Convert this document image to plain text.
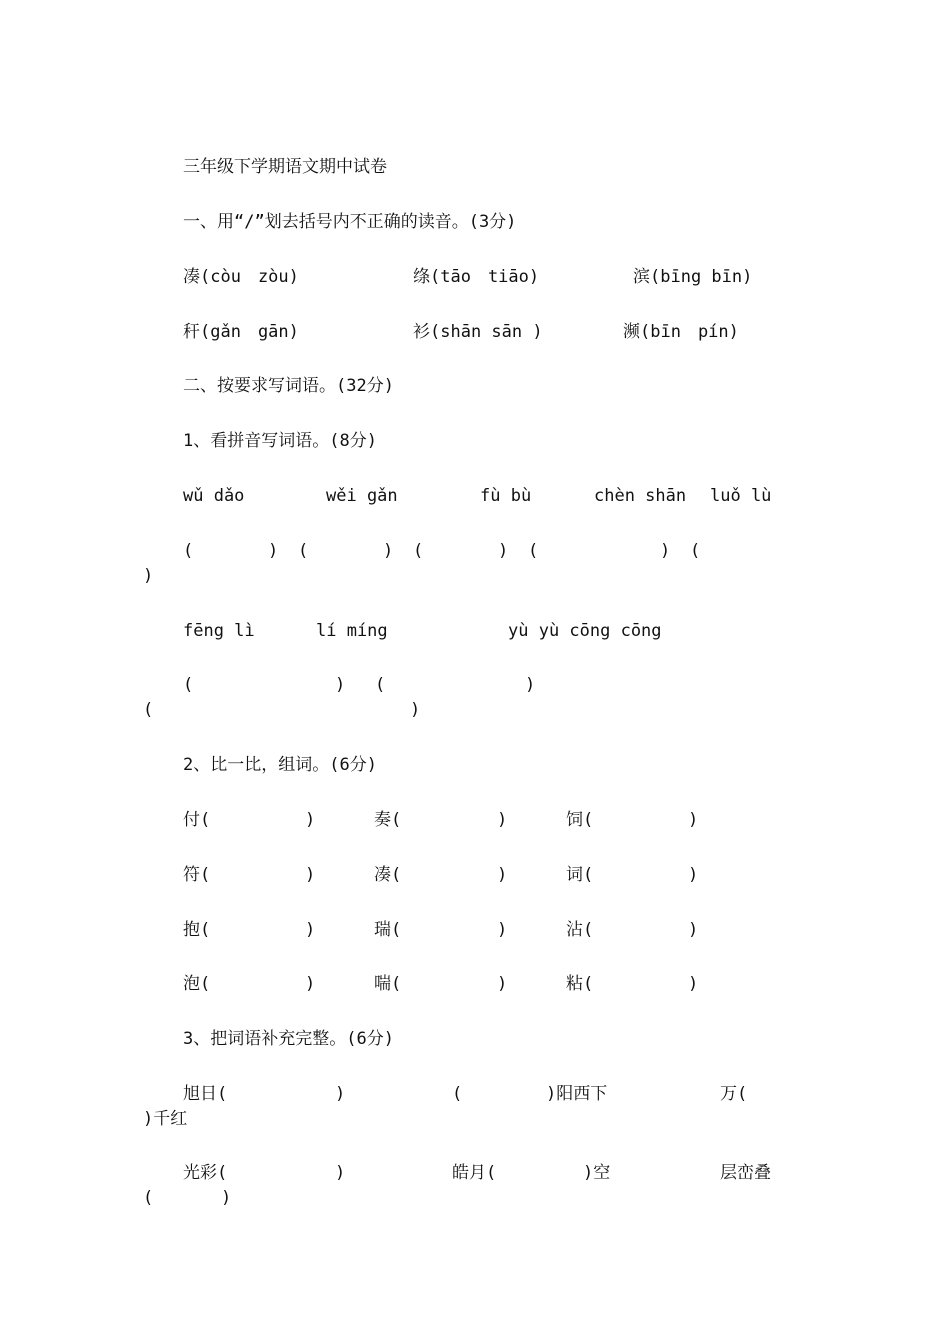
三年级下学期语文期中试卷
一、用“/”划去括号内不正确的读音。(3分)
凑(còu　zòu)	绦(tāo　tiāo)	滨(bīng bīn)
秆(gǎn　gān)	衫(shān sān )	濒(bīn　pín)
二、按要求写词语。(32分)
1、看拼音写词语。(8分)
wǔ dǎo	wěi gǎn	fù bù	chèn shān luǒ lù
(	) (	) (	) (	) (
)
fēng lì	lí míng	yù yù cōng cōng
(	) (	)
(	)
2、比一比，组词。(6分)
付(	)	奏(	)	饲(	)
符(	)	凑(	)	词(	)
抱(	)	瑞(	)	沾(	)
泡(	)	喘(	)	粘(	)
3、把词语补充完整。(6分)
旭日(	)	(	)阳西下	万(
)千红
光彩(	)	皓月(	)空	层峦叠
(	)
